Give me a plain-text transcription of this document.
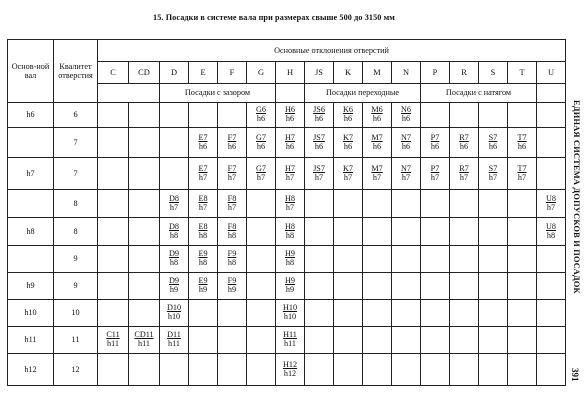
15. Посадки в системе вала при размерах свыше 500 до 3150 мм
Основ-ной вал	Квалитет отверстия	Основные отклонения отверстий															
		C	CD	D	E	F	G	H	JS	K	M	N	P	R	S	T	U
				Посадки с зазором					Посадки переходные				Посадки с натягом				
h6	6						$\frac{G6}{h6}$	$\frac{H6}{h6}$	$\frac{JS6}{h6}$	$\frac{K6}{h6}$	$\frac{M6}{h6}$	$\frac{N6}{h6}$

	7				$\frac{E7}{h6}$	$\frac{F7}{h6}$	$\frac{G7}{h6}$	$\frac{H7}{h6}$	$\frac{JS7}{h6}$	$\frac{K7}{h6}$	$\frac{M7}{h6}$	$\frac{N7}{h6}$	$\frac{P7}{h6}$	$\frac{R7}{h6}$	$\frac{S7}{h6}$	$\frac{T7}{h6}$

h7	7				$\frac{E7}{h7}$	$\frac{F7}{h7}$	$\frac{G7}{h7}$	$\frac{H7}{h7}$	$\frac{JS7}{h7}$	$\frac{K7}{h7}$	$\frac{M7}{h7}$	$\frac{N7}{h7}$	$\frac{P7}{h7}$	$\frac{R7}{h7}$	$\frac{S7}{h7}$	$\frac{T7}{h7}$

	8			$\frac{D8}{h7}$	$\frac{E8}{h7}$	$\frac{F8}{h7}$		$\frac{H8}{h7}$									$\frac{U8}{h7}$

h8	8			$\frac{D8}{h8}$	$\frac{E8}{h8}$	$\frac{F8}{h8}$		$\frac{H8}{h8}$									$\frac{U8}{h8}$

	9			$\frac{D9}{h8}$	$\frac{E9}{h8}$	$\frac{F9}{h8}$		$\frac{H9}{h8}$

h9	9			$\frac{D9}{h9}$	$\frac{E9}{h9}$	$\frac{F9}{h9}$		$\frac{H9}{h9}$

h10	10			$\frac{D10}{h10}$				$\frac{H10}{h10}$

h11	11	$\frac{C11}{h11}$	$\frac{CD11}{h11}$	$\frac{D11}{h11}$				$\frac{H11}{h11}$

h12	12							$\frac{H12}{h12}$

ЕДИНАЯ СИСТЕМА ДОПУСКОВ И ПОСАДОК
391
